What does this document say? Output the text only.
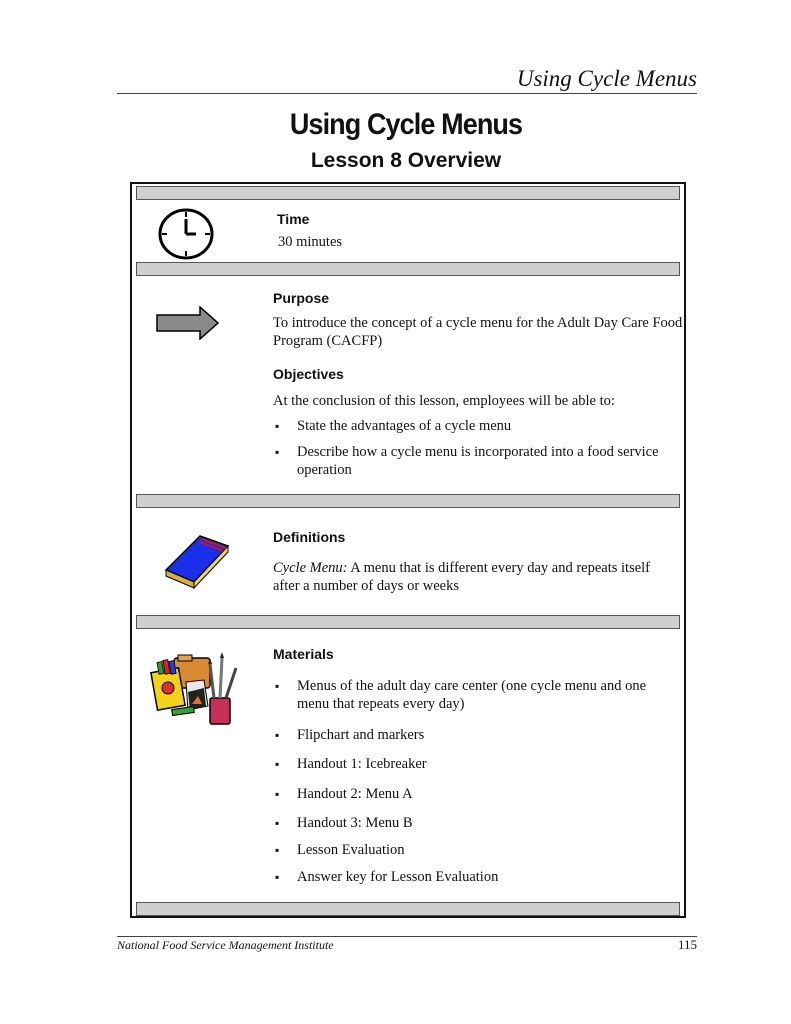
Using Cycle Menus
Using Cycle Menus
Lesson 8 Overview
Time
30 minutes
Purpose
To introduce the concept of a cycle menu for the Adult Day Care Food Program (CACFP)
Objectives
At the conclusion of this lesson, employees will be able to:
▪ State the advantages of a cycle menu
▪ Describe how a cycle menu is incorporated into a food service operation
Definitions
Cycle Menu: A menu that is different every day and repeats itself after a number of days or weeks
Materials
▪ Menus of the adult day care center (one cycle menu and one menu that repeats every day)
▪ Flipchart and markers
▪ Handout 1: Icebreaker
▪ Handout 2: Menu A
▪ Handout 3: Menu B
▪ Lesson Evaluation
▪ Answer key for Lesson Evaluation
National Food Service Management Institute	115
